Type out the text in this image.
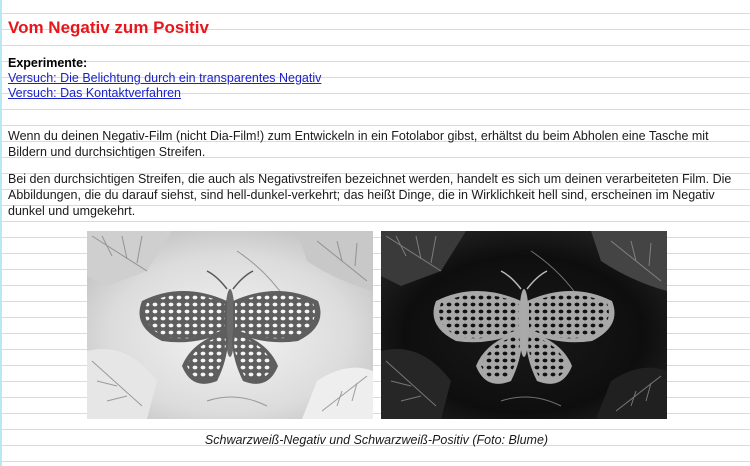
Vom Negativ zum Positiv
Experimente:
Versuch: Die Belichtung durch ein transparentes Negativ
Versuch: Das Kontaktverfahren

Wenn du deinen Negativ-Film (nicht Dia-Film!) zum Entwickeln in ein Fotolabor gibst, erhältst du beim Abholen eine Tasche mit Bildern und durchsichtigen Streifen.

Bei den durchsichtigen Streifen, die auch als Negativstreifen bezeichnet werden, handelt es sich um deinen verarbeiteten Film. Die Abbildungen, die du darauf siehst, sind hell-dunkel-verkehrt; das heißt Dinge, die in Wirklichkeit hell sind, erscheinen im Negativ dunkel und umgekehrt.

Schwarzweiß-Negativ und Schwarzweiß-Positiv (Foto: Blume)
